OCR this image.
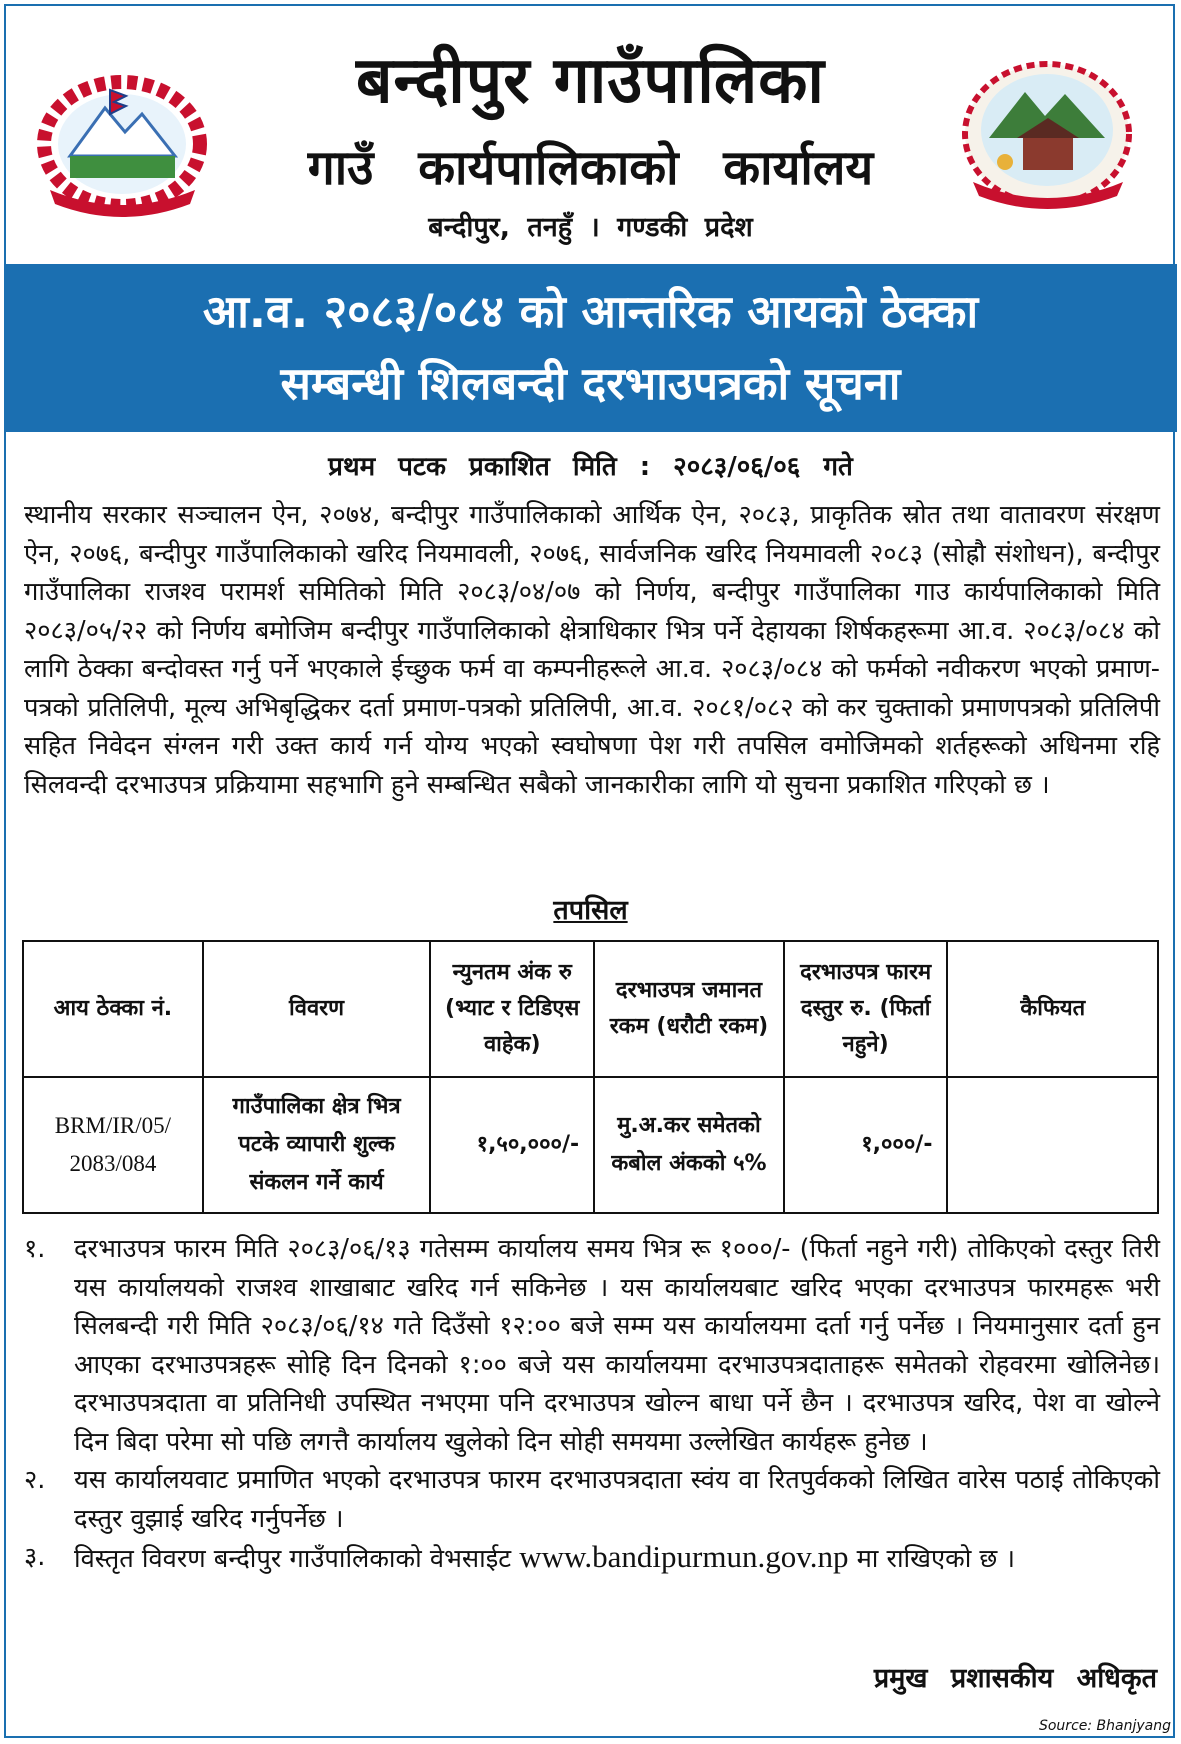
बन्दीपुर गाउँपालिका
गाउँ कार्यपालिकाको कार्यालय
बन्दीपुर, तनहुँ । गण्डकी प्रदेश
आ.व. २०८३/०८४ को आन्तरिक आयको ठेक्का
सम्बन्धी शिलबन्दी दरभाउपत्रको सूचना
प्रथम पटक प्रकाशित मिति : २०८३/०६/०६ गते
स्थानीय सरकार सञ्चालन ऐन, २०७४, बन्दीपुर गाउँपालिकाको आर्थिक ऐन, २०८३, प्राकृतिक स्रोत तथा वातावरण संरक्षण ऐन, २०७६, बन्दीपुर गाउँपालिकाको खरिद नियमावली, २०७६, सार्वजनिक खरिद नियमावली २०८३ (सोह्रौ संशोधन), बन्दीपुर गाउँपालिका राजश्व परामर्श समितिको मिति २०८३/०४/०७ को निर्णय, बन्दीपुर गाउँपालिका गाउ कार्यपालिकाको मिति २०८३/०५/२२ को निर्णय बमोजिम बन्दीपुर गाउँपालिकाको क्षेत्राधिकार भित्र पर्ने देहायका शिर्षकहरूमा आ.व. २०८३/०८४ को लागि ठेक्का बन्दोवस्त गर्नु पर्ने भएकाले ईच्छुक फर्म वा कम्पनीहरूले आ.व. २०८३/०८४ को फर्मको नवीकरण भएको प्रमाण-पत्रको प्रतिलिपी, मूल्य अभिबृद्धिकर दर्ता प्रमाण-पत्रको प्रतिलिपी, आ.व. २०८१/०८२ को कर चुक्ताको प्रमाणपत्रको प्रतिलिपी सहित निवेदन संग्लन गरी उक्त कार्य गर्न योग्य भएको स्वघोषणा पेश गरी तपसिल वमोजिमको शर्तहरूको अधिनमा रहि सिलवन्दी दरभाउपत्र प्रक्रियामा सहभागि हुने सम्बन्धित सबैको जानकारीका लागि यो सुचना प्रकाशित गरिएको छ ।
तपसिल
आय ठेक्का नं.	विवरण	न्युनतम अंक रु (भ्याट र टिडिएस वाहेक)	दरभाउपत्र जमानत रकम (धरौटी रकम)	दरभाउपत्र फारम दस्तुर रु. (फिर्ता नहुने)	कैफियत
BRM/IR/05/ 2083/084	गाउँपालिका क्षेत्र भित्र पटके व्यापारी शुल्क संकलन गर्ने कार्य	१,५०,०००/-	मु.अ.कर समेतको कबोल अंकको ५%	१,०००/-	
१.	दरभाउपत्र फारम मिति २०८३/०६/१३ गतेसम्म कार्यालय समय भित्र रू १०००/- (फिर्ता नहुने गरी) तोकिएको दस्तुर तिरी यस कार्यालयको राजश्व शाखाबाट खरिद गर्न सकिनेछ । यस कार्यालयबाट खरिद भएका दरभाउपत्र फारमहरू भरी सिलबन्दी गरी मिति २०८३/०६/१४ गते दिउँसो १२:०० बजे सम्म यस कार्यालयमा दर्ता गर्नु पर्नेछ । नियमानुसार दर्ता हुन आएका दरभाउपत्रहरू सोहि दिन दिनको १:०० बजे यस कार्यालयमा दरभाउपत्रदाताहरू समेतको रोहवरमा खोलिनेछ। दरभाउपत्रदाता वा प्रतिनिधी उपस्थित नभएमा पनि दरभाउपत्र खोल्न बाधा पर्ने छैन । दरभाउपत्र खरिद, पेश वा खोल्ने दिन बिदा परेमा सो पछि लगत्तै कार्यालय खुलेको दिन सोही समयमा उल्लेखित कार्यहरू हुनेछ ।
२.	यस कार्यालयवाट प्रमाणित भएको दरभाउपत्र फारम दरभाउपत्रदाता स्वंय वा रितपुर्वकको लिखित वारेस पठाई तोकिएको दस्तुर वुझाई खरिद गर्नुपर्नेछ ।
३.	विस्तृत विवरण बन्दीपुर गाउँपालिकाको वेभसाईट www.bandipurmun.gov.np मा राखिएको छ ।
प्रमुख प्रशासकीय अधिकृत
Source: Bhanjyang
